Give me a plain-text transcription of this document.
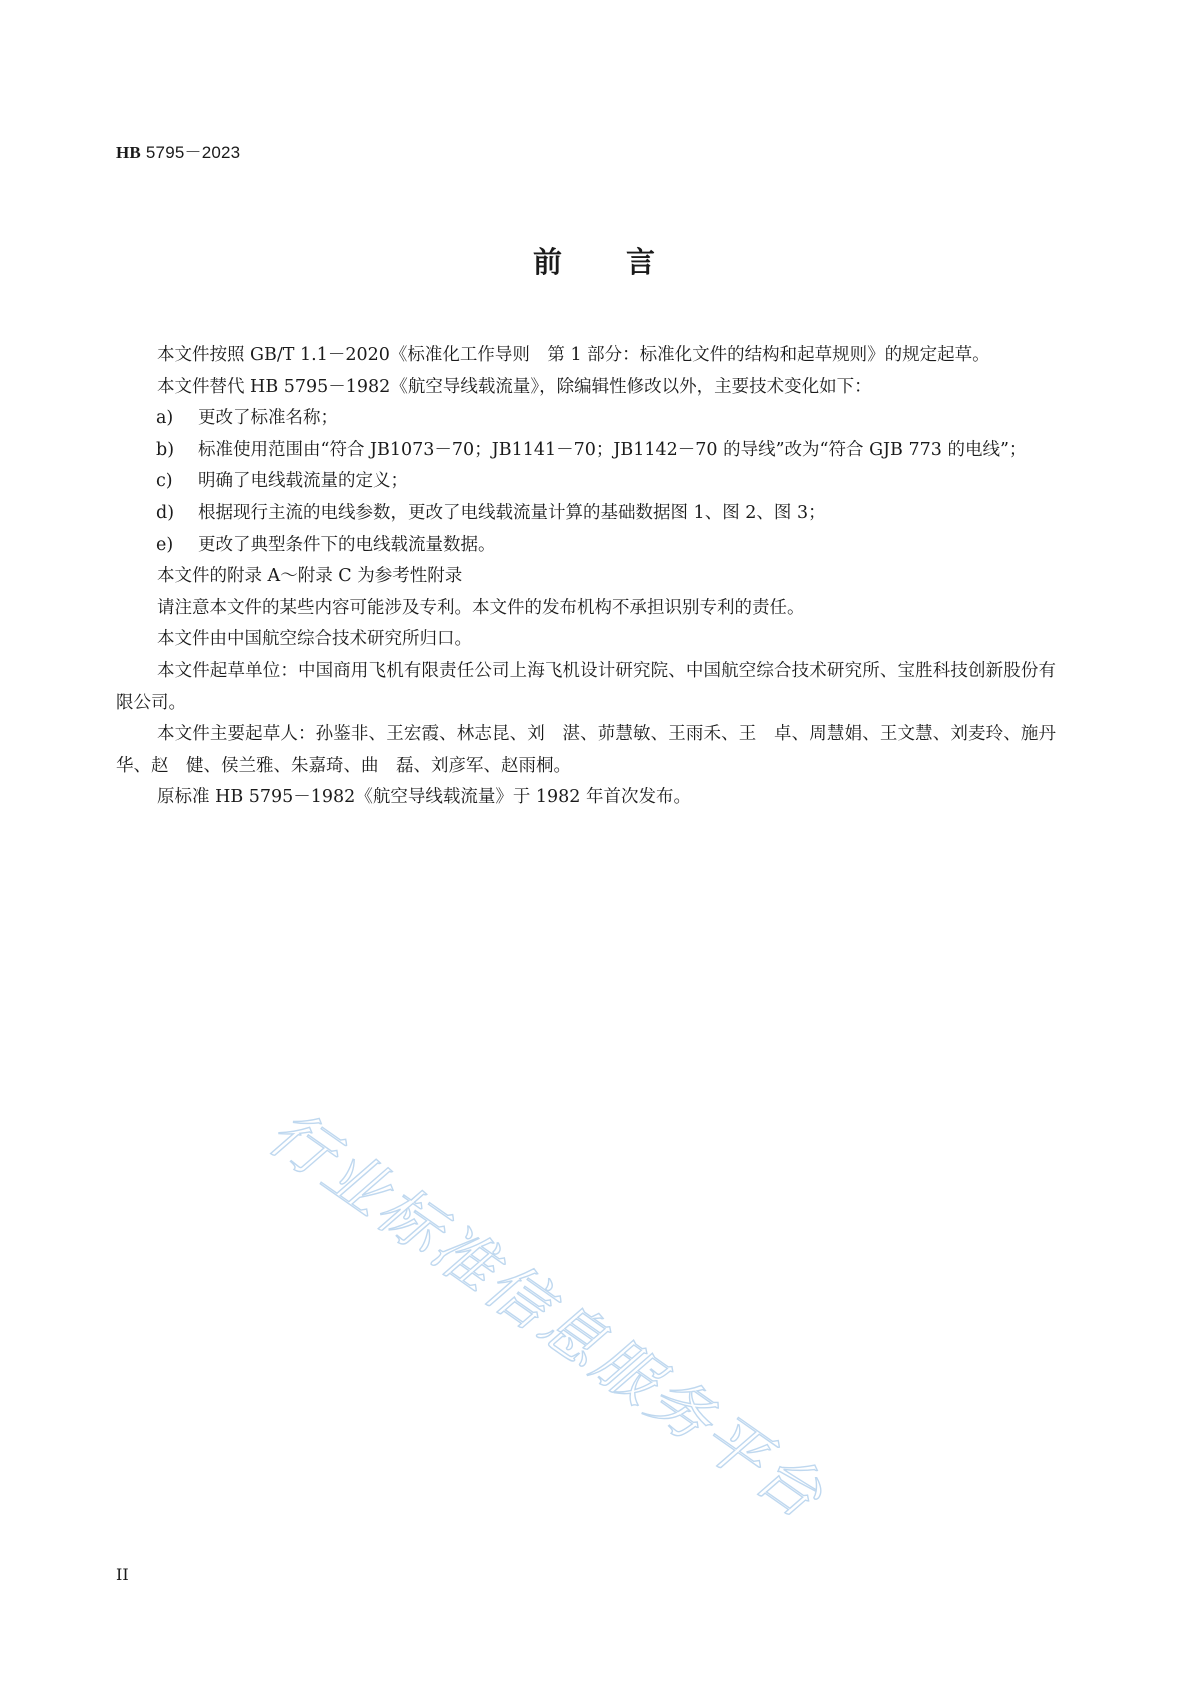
HB 5795－2023
前 言

本文件按照 GB/T 1.1－2020《标准化工作导则　第 1 部分：标准化文件的结构和起草规则》的规定起草。

本文件替代 HB 5795－1982《航空导线载流量》，除编辑性修改以外，主要技术变化如下：

a) 更改了标准名称；

b) 标准使用范围由“符合 JB1073－70；JB1141－70；JB1142－70 的导线”改为“符合 GJB 773 的电线”；

c) 明确了电线载流量的定义；

d) 根据现行主流的电线参数，更改了电线载流量计算的基础数据图 1、图 2、图 3；

e) 更改了典型条件下的电线载流量数据。

本文件的附录 A～附录 C 为参考性附录

请注意本文件的某些内容可能涉及专利。本文件的发布机构不承担识别专利的责任。

本文件由中国航空综合技术研究所归口。

本文件起草单位：中国商用飞机有限责任公司上海飞机设计研究院、中国航空综合技术研究所、宝胜科技创新股份有限公司。

本文件主要起草人：孙鉴非、王宏霞、林志昆、刘　湛、茆慧敏、王雨禾、王　卓、周慧娟、王文慧、刘麦玲、施丹华、赵　健、侯兰雅、朱嘉琦、曲　磊、刘彦军、赵雨桐。

原标准 HB 5795－1982《航空导线载流量》于 1982 年首次发布。

行业标准信息服务平台
II
